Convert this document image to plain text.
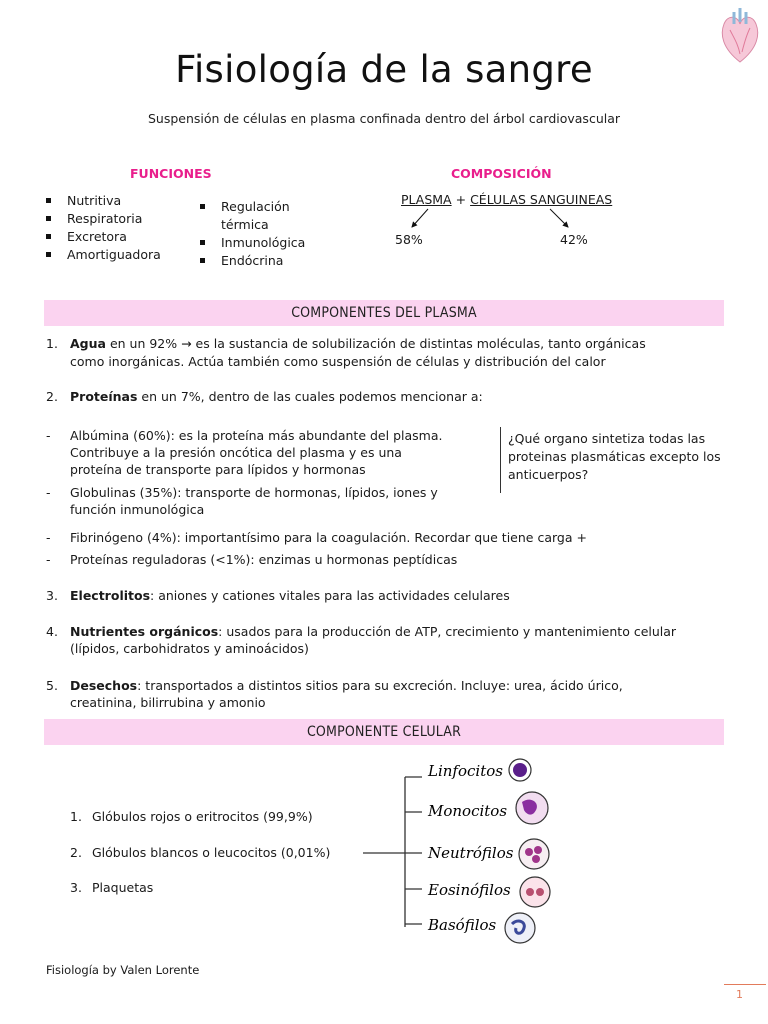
Fisiología de la sangre
Suspensión de células en plasma confinada dentro del árbol cardiovascular
FUNCIONES
Nutritiva
Respiratoria
Excretora
Amortiguadora
Regulación
térmica
Inmunológica
Endócrina
COMPOSICIÓN
PLASMA + CÉLULAS SANGUINEAS
58%	42%
COMPONENTES DEL PLASMA
1. Agua en un 92% → es la sustancia de solubilización de distintas moléculas, tanto orgánicas
como inorgánicas. Actúa también como suspensión de células y distribución del calor
2. Proteínas en un 7%, dentro de las cuales podemos mencionar a:
- Albúmina (60%): es la proteína más abundante del plasma.
Contribuye a la presión oncótica del plasma y es una
proteína de transporte para lípidos y hormonas
- Globulinas (35%): transporte de hormonas, lípidos, iones y
función inmunológica
- Fibrinógeno (4%): importantísimo para la coagulación. Recordar que tiene carga +
- Proteínas reguladoras (<1%): enzimas u hormonas peptídicas
3. Electrolitos: aniones y cationes vitales para las actividades celulares
4. Nutrientes orgánicos: usados para la producción de ATP, crecimiento y mantenimiento celular
(lípidos, carbohidratos y aminoácidos)
5. Desechos: transportados a distintos sitios para su excreción. Incluye: urea, ácido úrico,
creatinina, bilirrubina y amonio
¿Qué organo sintetiza todas las
proteinas plasmáticas excepto los
anticuerpos?
COMPONENTE CELULAR
1. Glóbulos rojos o eritrocitos (99,9%)
2. Glóbulos blancos o leucocitos (0,01%)
3. Plaquetas
Linfocitos
Monocitos
Neutrófilos
Eosinófilos
Basófilos
Fisiología by Valen Lorente
1
